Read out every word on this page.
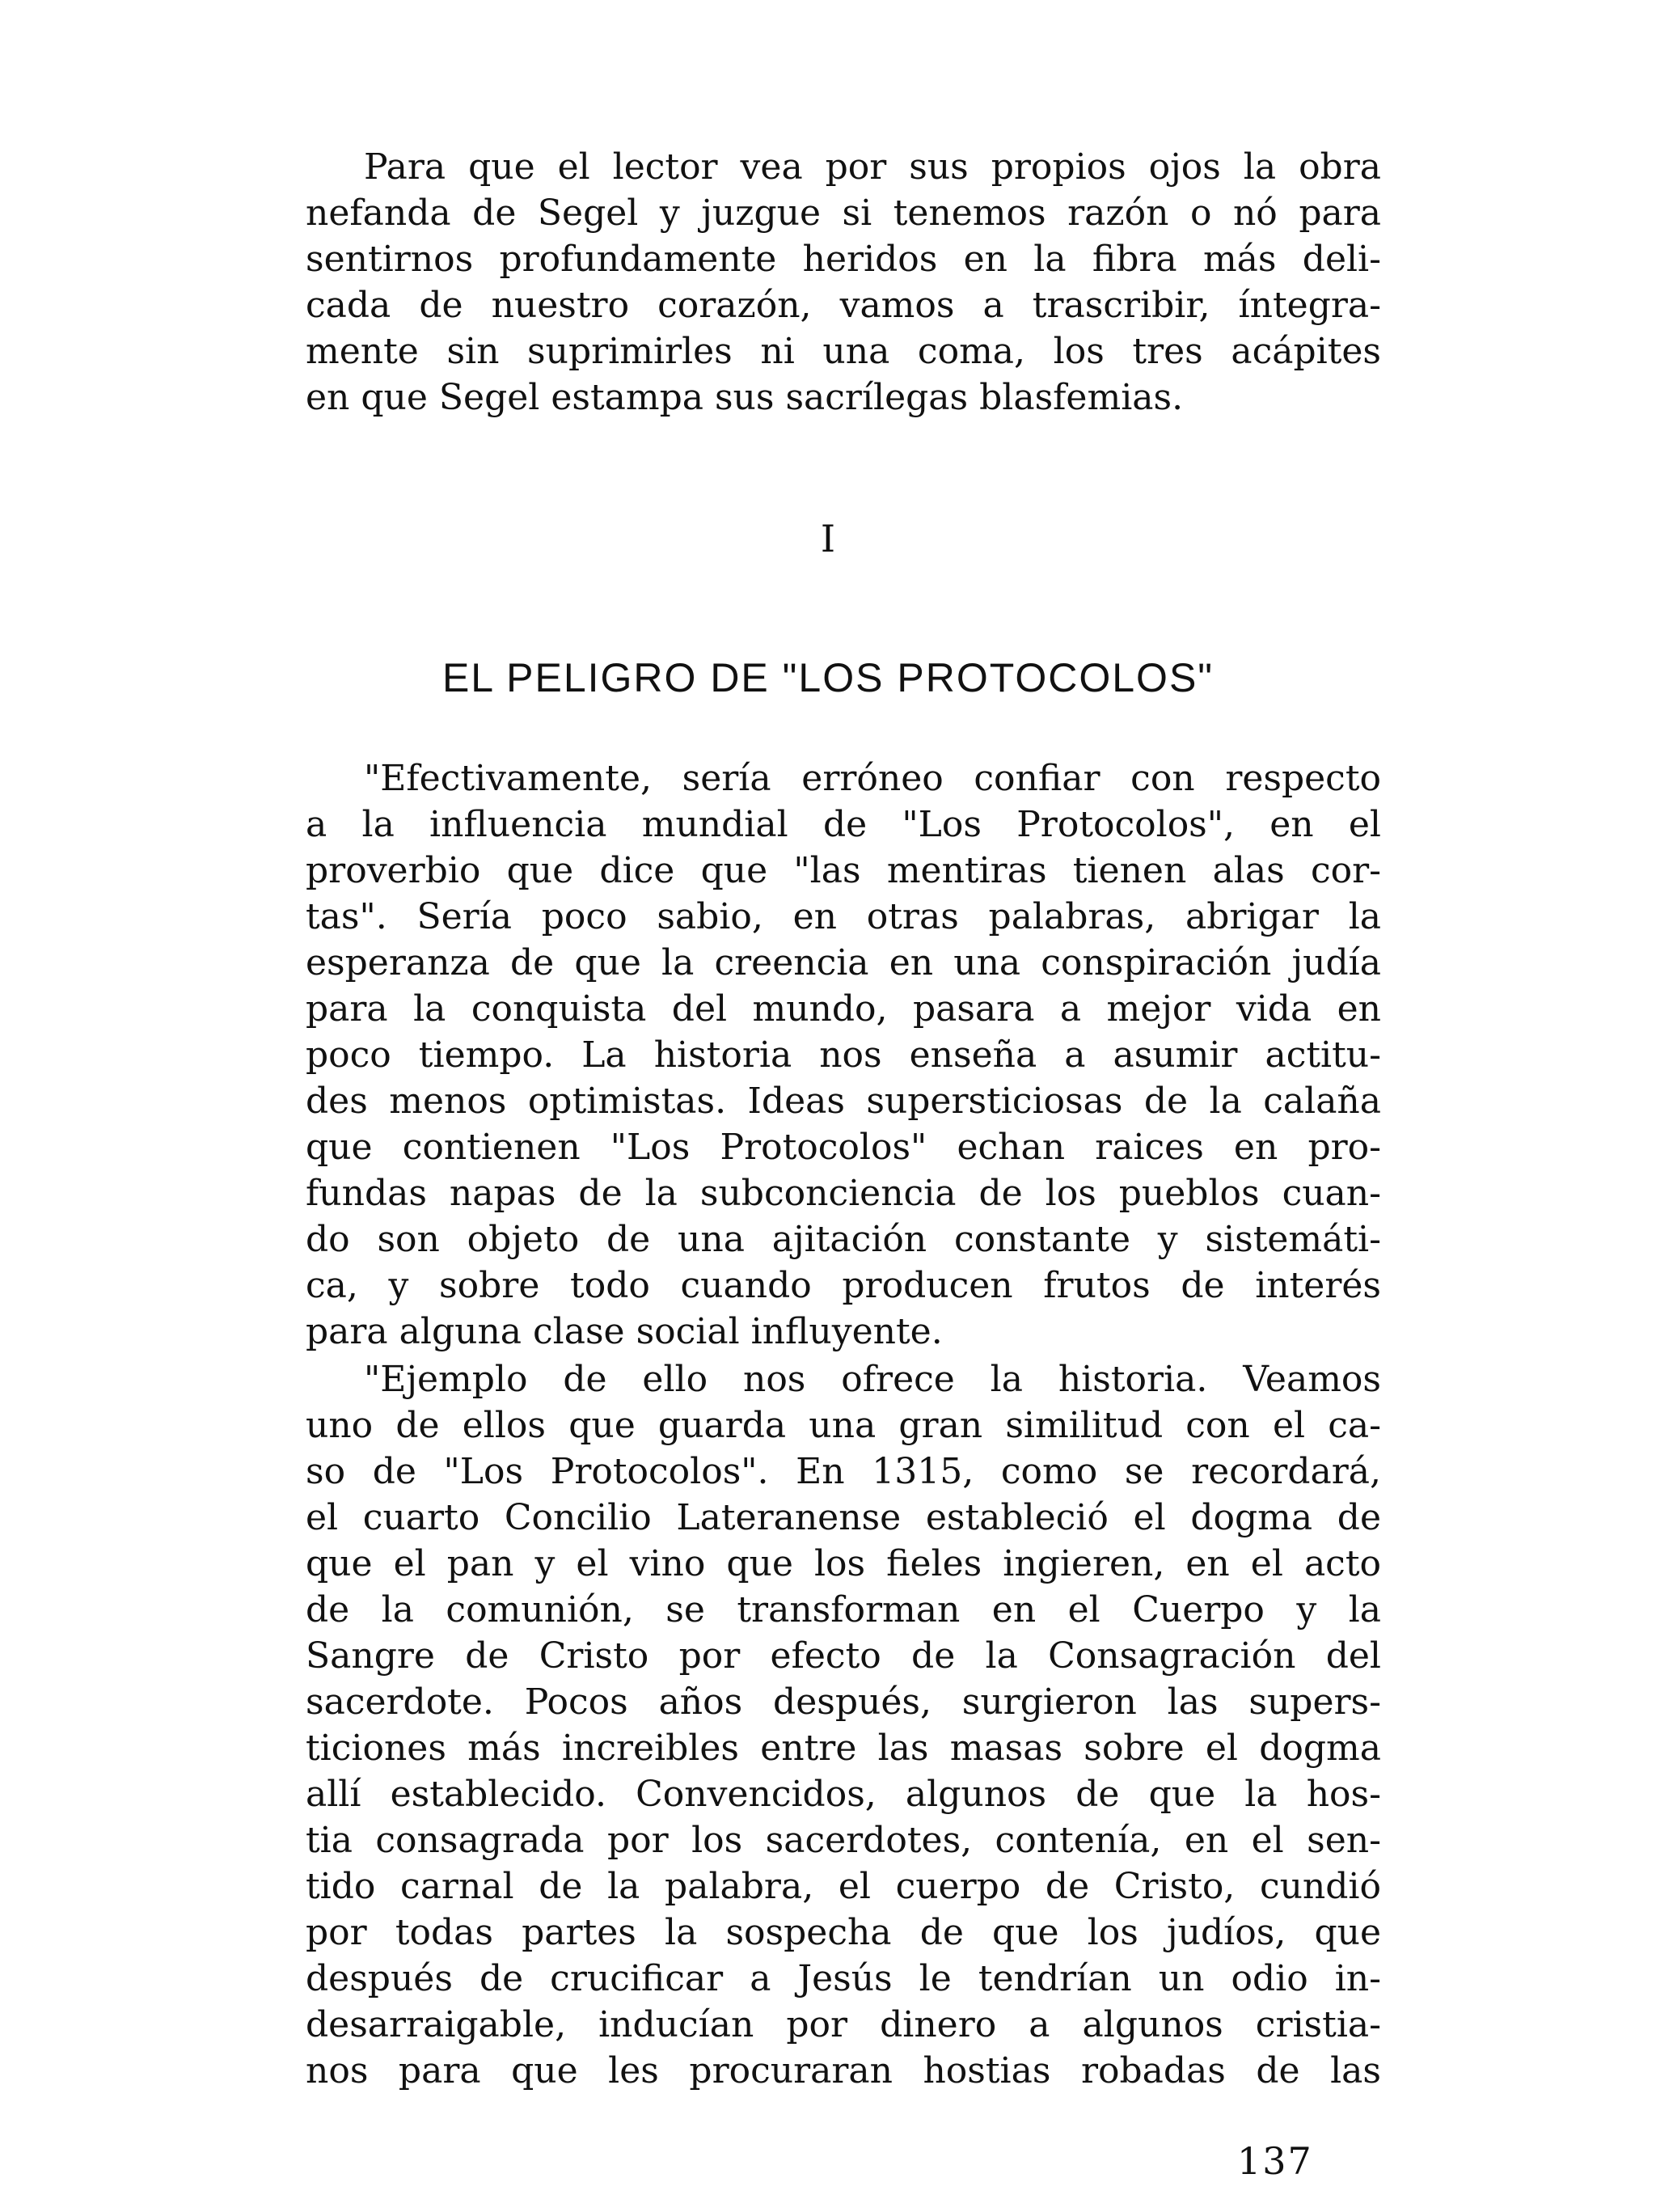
Para que el lector vea por sus propios ojos la obra
nefanda de Segel y juzgue si tenemos razón o nó para
sentirnos profundamente heridos en la fibra más deli-
cada de nuestro corazón, vamos a trascribir, íntegra-
mente sin suprimirles ni una coma, los tres acápites
en que Segel estampa sus sacrílegas blasfemias.
I
EL PELIGRO DE "LOS PROTOCOLOS"
"Efectivamente, sería erróneo confiar con respecto
a la influencia mundial de "Los Protocolos", en el
proverbio que dice que "las mentiras tienen alas cor-
tas". Sería poco sabio, en otras palabras, abrigar la
esperanza de que la creencia en una conspiración judía
para la conquista del mundo, pasara a mejor vida en
poco tiempo. La historia nos enseña a asumir actitu-
des menos optimistas. Ideas supersticiosas de la calaña
que contienen "Los Protocolos" echan raices en pro-
fundas napas de la subconciencia de los pueblos cuan-
do son objeto de una ajitación constante y sistemáti-
ca, y sobre todo cuando producen frutos de interés
para alguna clase social influyente.
"Ejemplo de ello nos ofrece la historia. Veamos
uno de ellos que guarda una gran similitud con el ca-
so de "Los Protocolos". En 1315, como se recordará,
el cuarto Concilio Lateranense estableció el dogma de
que el pan y el vino que los fieles ingieren, en el acto
de la comunión, se transforman en el Cuerpo y la
Sangre de Cristo por efecto de la Consagración del
sacerdote. Pocos años después, surgieron las supers-
ticiones más increibles entre las masas sobre el dogma
allí establecido. Convencidos, algunos de que la hos-
tia consagrada por los sacerdotes, contenía, en el sen-
tido carnal de la palabra, el cuerpo de Cristo, cundió
por todas partes la sospecha de que los judíos, que
después de crucificar a Jesús le tendrían un odio in-
desarraigable, inducían por dinero a algunos cristia-
nos para que les procuraran hostias robadas de las
137
